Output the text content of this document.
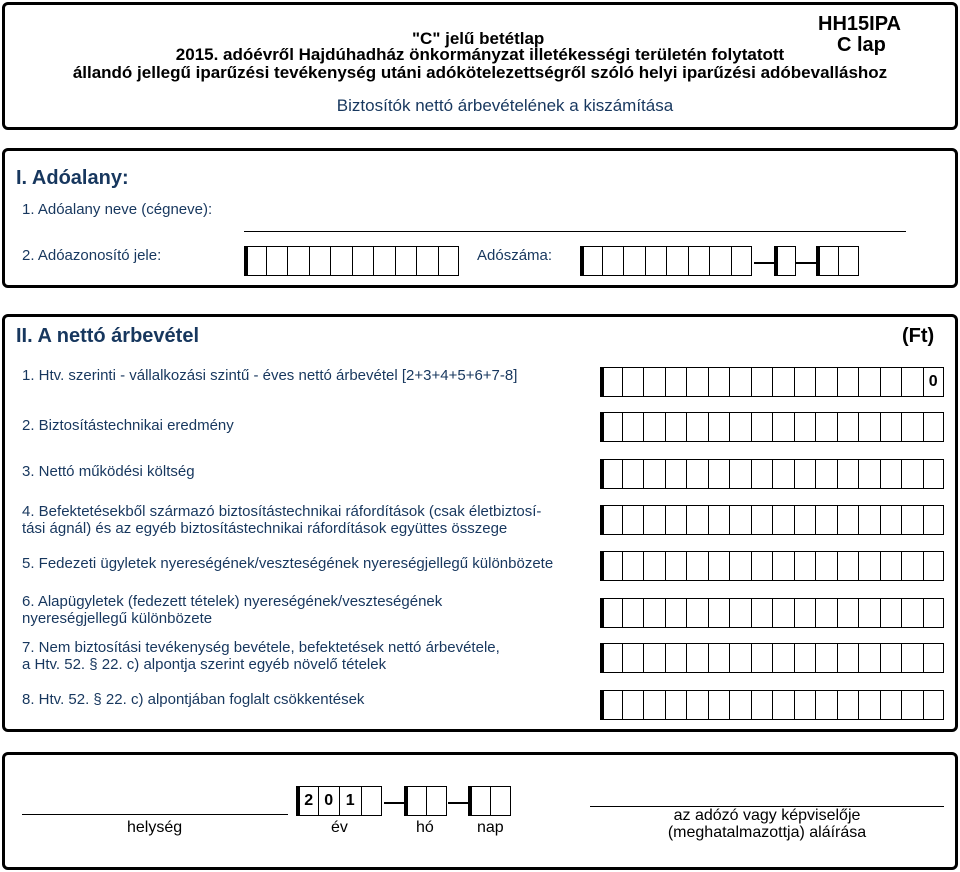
"C" jelű betétlap
HH15IPA
C lap
2015. adóévről Hajdúhadház önkormányzat illetékességi területén folytatott
állandó jellegű iparűzési tevékenység utáni adókötelezettségről szóló helyi iparűzési adóbevalláshoz
Biztosítók nettó árbevételének a kiszámítása
I. Adóalany:
1. Adóalany neve (cégneve):
2. Adóazonosító jele:	Adószáma:
II. A nettó árbevétel	(Ft)
1. Htv. szerinti - vállalkozási szintű - éves nettó árbevétel [2+3+4+5+6+7-8]	0
2. Biztosítástechnikai eredmény
3. Nettó működési költség
4. Befektetésekből származó biztosítástechnikai ráfordítások (csak életbiztosí-
tási ágnál) és az egyéb biztosítástechnikai ráfordítások együttes összege
5. Fedezeti ügyletek nyereségének/veszteségének nyereségjellegű különbözete
6. Alapügyletek (fedezett tételek) nyereségének/veszteségének
nyereségjellegű különbözete
7. Nem biztosítási tevékenység bevétele, befektetések nettó árbevétele,
a Htv. 52. § 22. c) alpontja szerint egyéb növelő tételek
8. Htv. 52. § 22. c) alpontjában foglalt csökkentések
helység
2 0 1
év	hó	nap
az adózó vagy képviselője
(meghatalmazottja) aláírása
